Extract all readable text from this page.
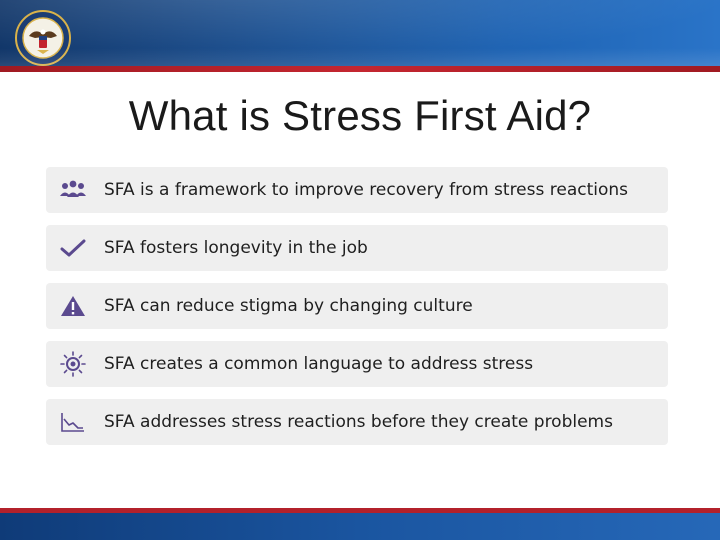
What is Stress First Aid?
SFA is a framework to improve recovery from stress reactions
SFA fosters longevity in the job
SFA can reduce stigma by changing culture
SFA creates a common language to address stress
SFA addresses stress reactions before they create problems
